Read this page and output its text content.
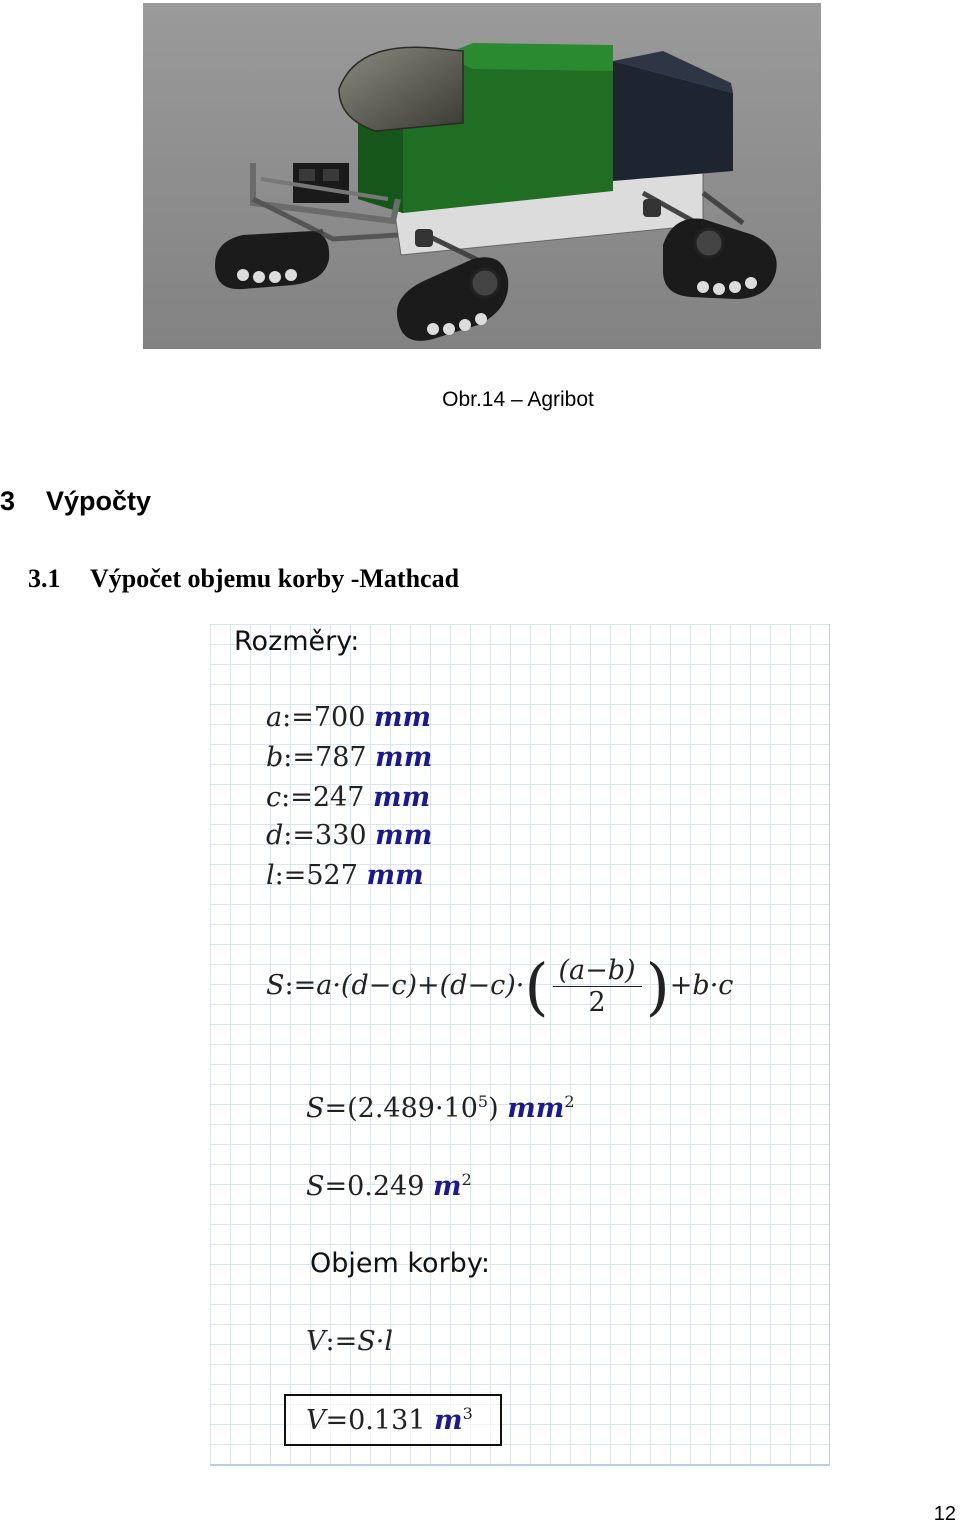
Obr.14 – Agribot
3 Výpočty
3.1 Výpočet objemu korby -Mathcad
Rozměry:
a:=700 mm
b:=787 mm
c:=247 mm
d:=330 mm
l:=527 mm
S:=a·(d−c)+(d−c)·( $\frac{(a-b)}{2} )+b\cdot c$
$S=(2.489\cdot 10^5)$ $mm^2$
S=0.249 $m^2$
Objem korby:
V:=S·l
V=0.131 $m^3$
12
